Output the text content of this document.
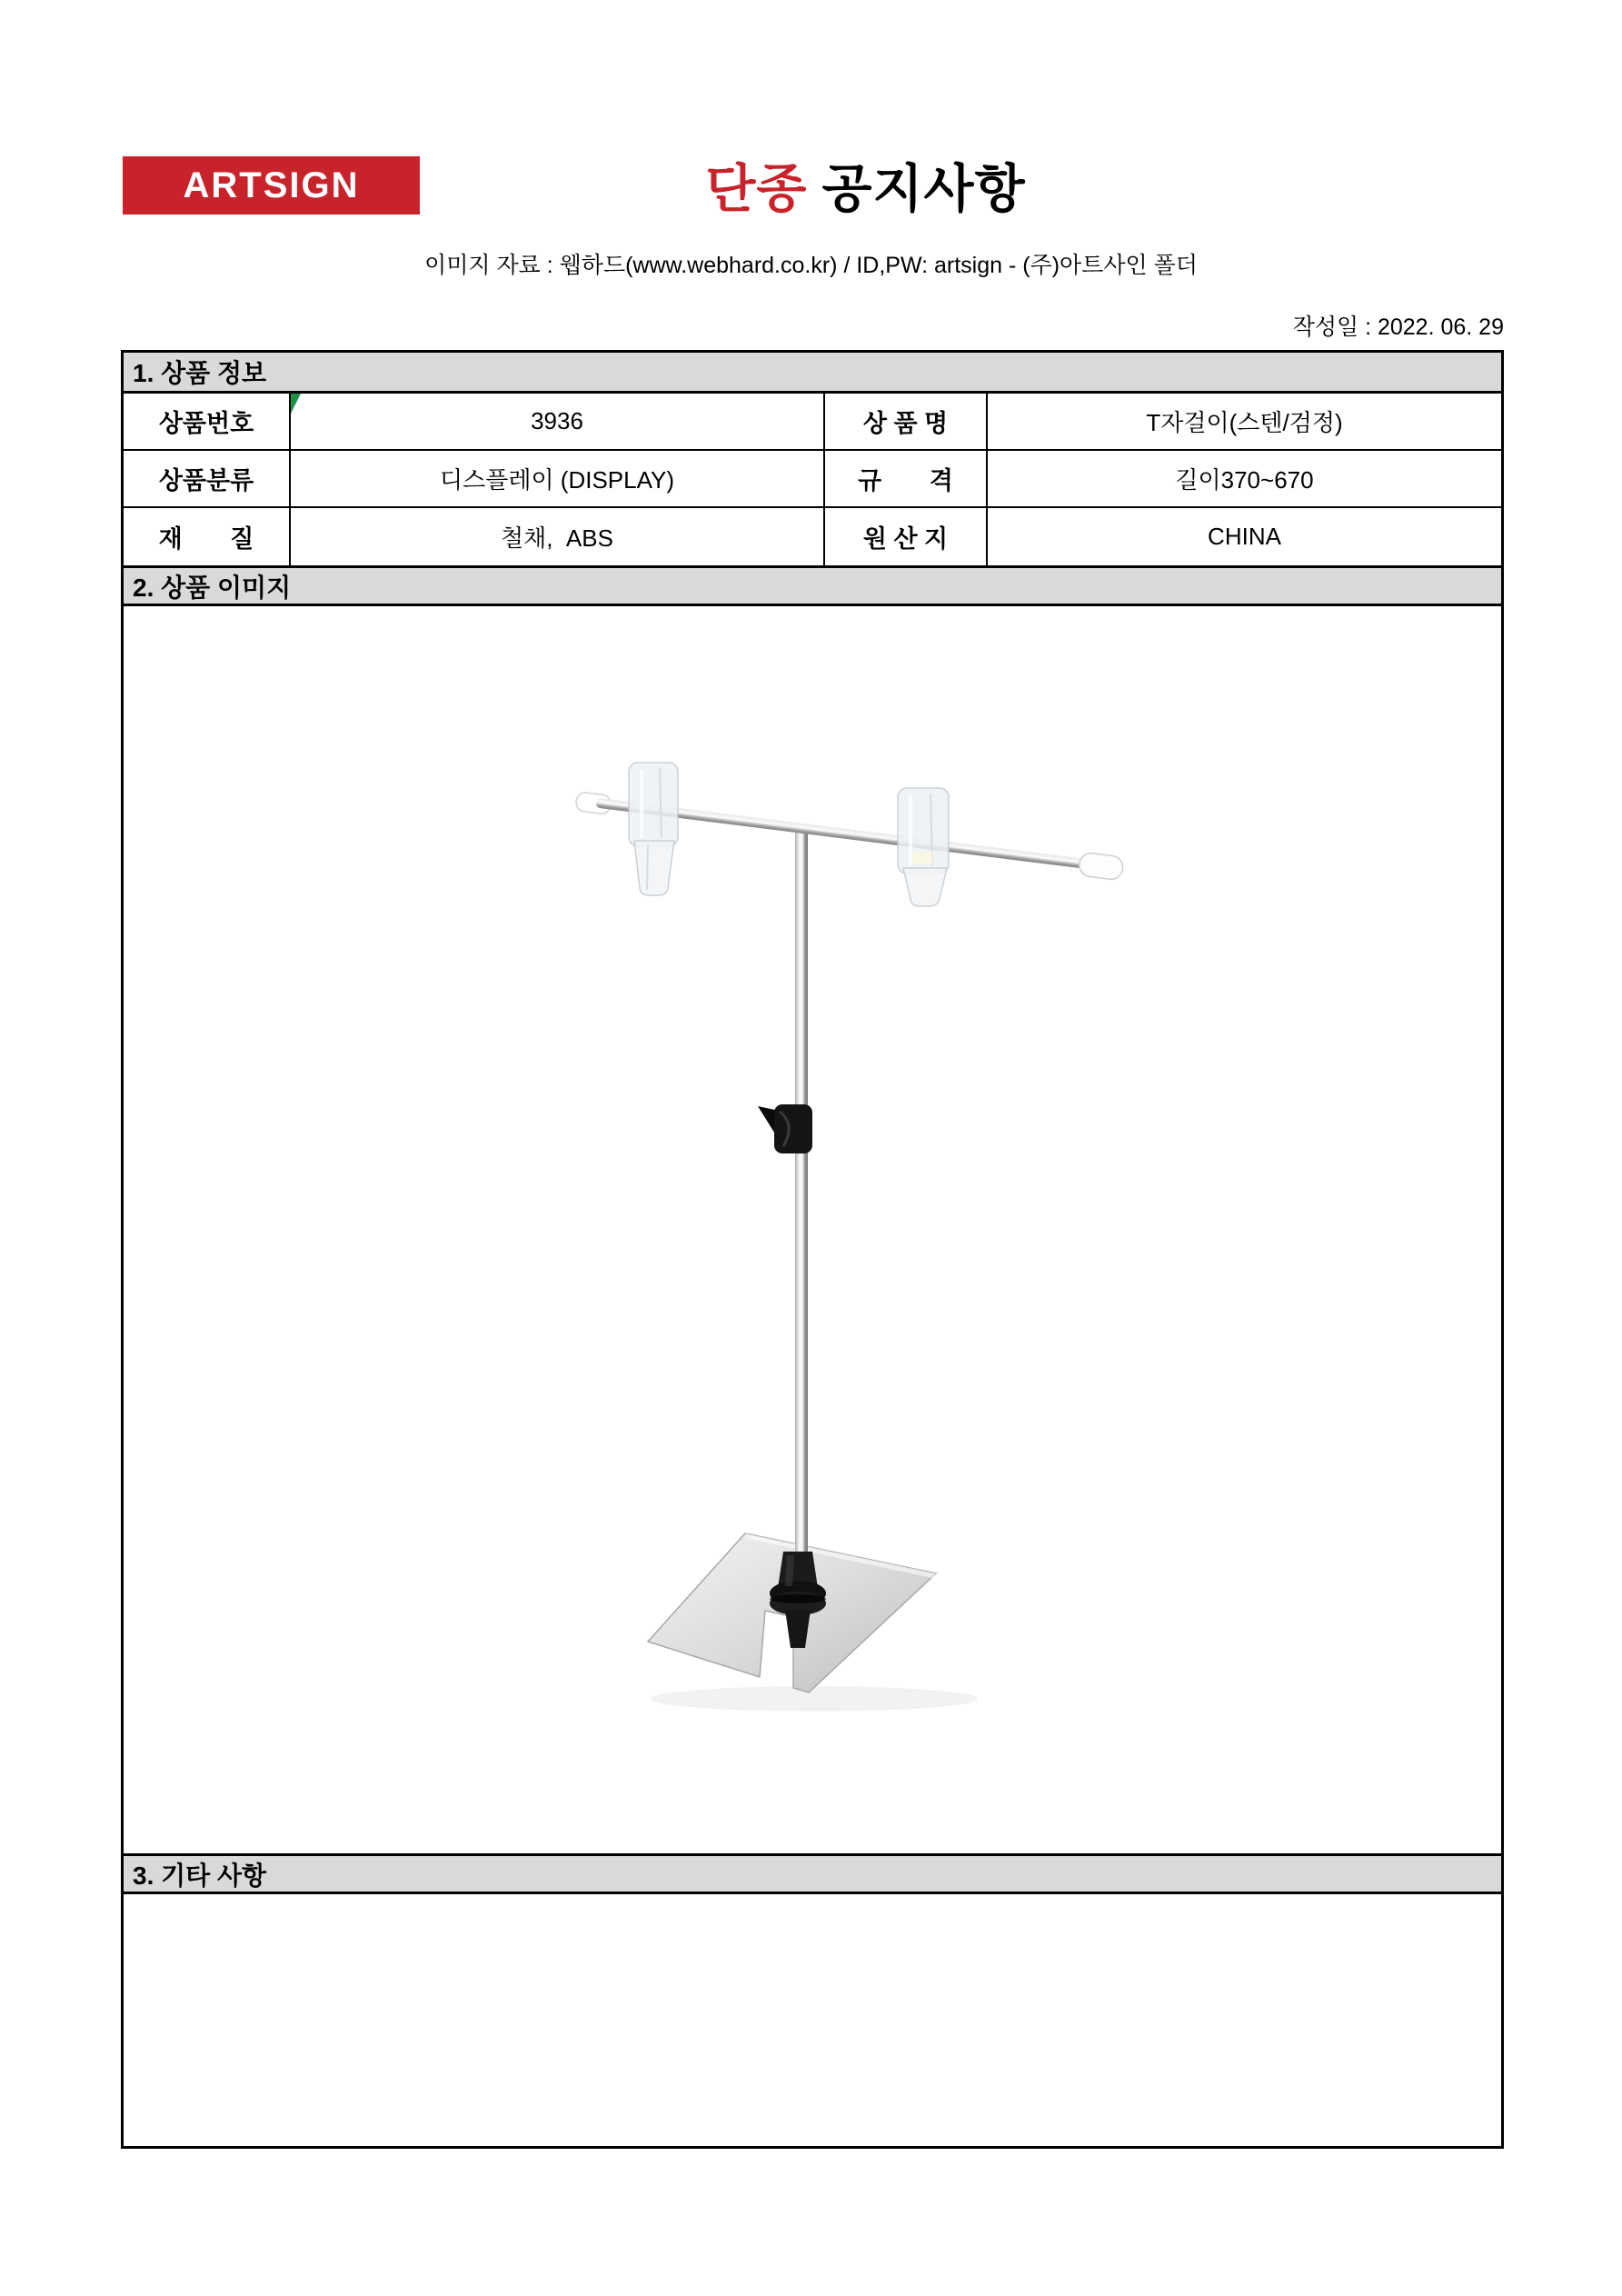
ARTSIGN	단종 공지사항
이미지 자료 : 웹하드(www.webhard.co.kr) / ID,PW: artsign - (주)아트사인 폴더
작성일 : 2022. 06. 29
1. 상품 정보
상품번호	3936	상 품 명	T자걸이(스텐/검정)
상품분류	디스플레이 (DISPLAY)	규       격	길이370~670
재       질	철채,  ABS	원 산 지	CHINA
2. 상품 이미지
3. 기타 사항
